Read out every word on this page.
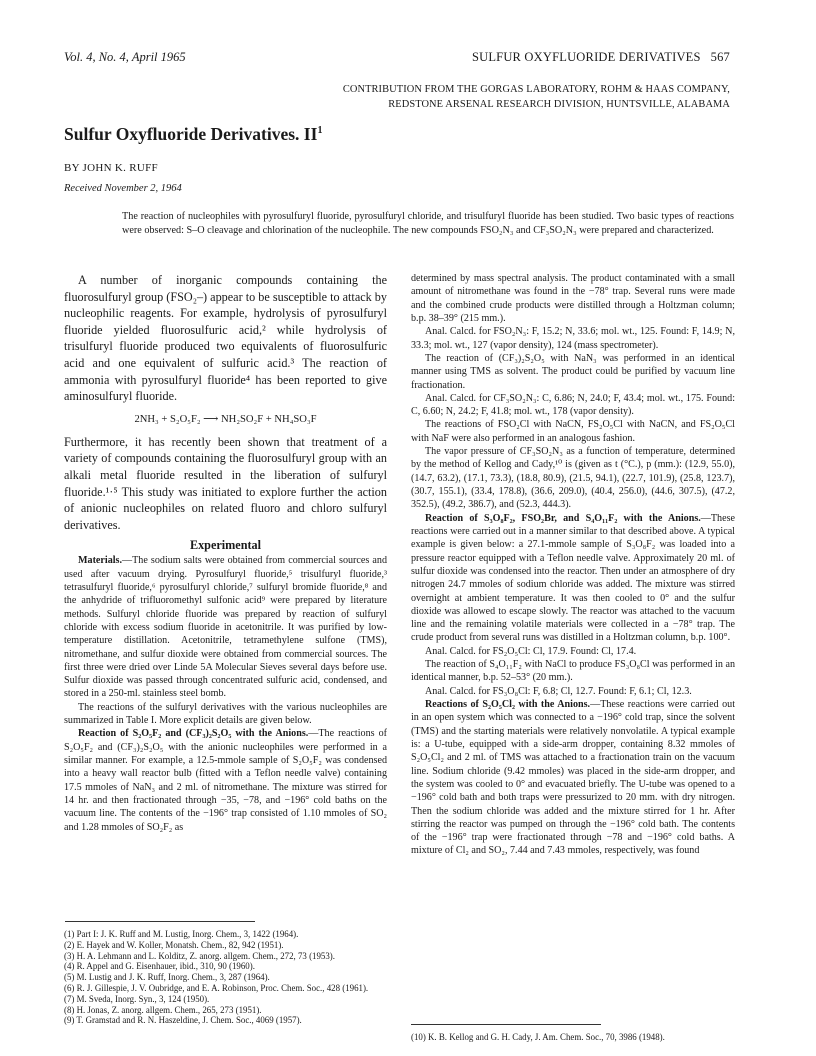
Vol. 4, No. 4, April 1965	SULFUR OXYFLUORIDE DERIVATIVES 567
CONTRIBUTION FROM THE GORGAS LABORATORY, ROHM & HAAS COMPANY,
REDSTONE ARSENAL RESEARCH DIVISION, HUNTSVILLE, ALABAMA
Sulfur Oxyfluoride Derivatives. $II^1$
BY JOHN K. RUFF
Received November 2, 1964
The reaction of nucleophiles with pyrosulfuryl fluoride, pyrosulfuryl chloride, and trisulfuryl fluoride has been studied. Two basic types of reactions were observed: S–O cleavage and chlorination of the nucleophile. The new compounds FSO₂N₃ and CF₃SO₂N₃ were prepared and characterized.

A number of inorganic compounds containing the fluorosulfuryl group (FSO₂–) appear to be susceptible to attack by nucleophilic reagents. For example, hydrolysis of pyrosulfuryl fluoride yielded fluorosulfuric acid,² while hydrolysis of trisulfuryl fluoride produced two equivalents of fluorosulfuric acid and one equivalent of sulfuric acid.³ The reaction of ammonia with pyrosulfuryl fluoride⁴ has been reported to give aminosulfuryl fluoride.

2NH₃ + S₂O₅F₂ ⟶ NH₂SO₂F + NH₄SO₃F

Furthermore, it has recently been shown that treatment of a variety of compounds containing the fluorosulfuryl group with an alkali metal fluoride resulted in the liberation of sulfuryl fluoride.¹·⁵ This study was initiated to explore further the action of anionic nucleophiles on related fluoro and chloro sulfuryl derivatives.

Experimental

Materials.—The sodium salts were obtained from commercial sources and used after vacuum drying. Pyrosulfuryl fluoride,⁵ trisulfuryl fluoride,³ tetrasulfuryl fluoride,⁶ pyrosulfuryl chloride,⁷ sulfuryl bromide fluoride,⁸ and the anhydride of trifluoromethyl sulfonic acid⁹ were prepared by literature methods. Sulfuryl chloride fluoride was prepared by reaction of sulfuryl chloride with excess sodium fluoride in acetonitrile. It was purified by low-temperature distillation. Acetonitrile, tetramethylene sulfone (TMS), nitromethane, and sulfur dioxide were obtained from commercial sources. The first three were dried over Linde 5A Molecular Sieves several days before use. Sulfur dioxide was passed through concentrated sulfuric acid, condensed, and stored in a 250-ml. stainless steel bomb.

The reactions of the sulfuryl derivatives with the various nucleophiles are summarized in Table I. More explicit details are given below.

Reaction of S₂O₅F₂ and (CF₃)₂S₂O₅ with the Anions.—The reactions of S₂O₅F₂ and (CF₃)₂S₂O₅ with the anionic nucleophiles were performed in a similar manner. For example, a 12.5-mmole sample of S₂O₅F₂ was condensed into a heavy wall reactor bulb (fitted with a Teflon needle valve) containing 17.5 mmoles of NaN₃ and 2 ml. of nitromethane. The mixture was stirred for 14 hr. and then fractionated through −35, −78, and −196° cold baths on the vacuum line. The contents of the −196° trap consisted of 1.10 mmoles of SO₂ and 1.28 mmoles of SO₂F₂ as

determined by mass spectral analysis. The product contaminated with a small amount of nitromethane was found in the −78° trap. Several runs were made and the combined crude products were distilled through a Holtzman column; b.p. 38–39° (215 mm.).

Anal. Calcd. for FSO₂N₃: F, 15.2; N, 33.6; mol. wt., 125. Found: F, 14.9; N, 33.3; mol. wt., 127 (vapor density), 124 (mass spectrometer).

The reaction of (CF₃)₂S₂O₅ with NaN₃ was performed in an identical manner using TMS as solvent. The product could be purified by vacuum line fractionation.

Anal. Calcd. for CF₃SO₂N₃: C, 6.86; N, 24.0; F, 43.4; mol. wt., 175. Found: C, 6.60; N, 24.2; F, 41.8; mol. wt., 178 (vapor density).

The reactions of FSO₂Cl with NaCN, FS₂O₅Cl with NaCN, and FS₂O₅Cl with NaF were also performed in an analogous fashion.

The vapor pressure of CF₃SO₂N₃ as a function of temperature, determined by the method of Kellog and Cady,¹⁰ is (given as t (°C.), p (mm.): (12.9, 55.0), (14.7, 63.2), (17.1, 73.3), (18.8, 80.9), (21.5, 94.1), (22.7, 101.9), (25.8, 123.7), (30.7, 155.1), (33.4, 178.8), (36.6, 209.0), (40.4, 256.0), (44.6, 307.5), (47.2, 352.5), (49.2, 386.7), and (52.3, 444.3).

Reaction of S₃O₈F₂, FSO₂Br, and S₄O₁₁F₂ with the Anions.—These reactions were carried out in a manner similar to that described above. A typical example is given below: a 27.1-mmole sample of S₃O₈F₂ was loaded into a pressure reactor equipped with a Teflon needle valve. Approximately 20 ml. of sulfur dioxide was condensed into the reactor. Then under an atmosphere of dry nitrogen 24.7 mmoles of sodium chloride was added. The mixture was stirred overnight at ambient temperature. It was then cooled to 0° and the sulfur dioxide was allowed to escape slowly. The reactor was attached to the vacuum line and the remaining volatile materials were collected in a −78° trap. The crude product from several runs was distilled in a Holtzman column, b.p. 100°.

Anal. Calcd. for FS₂O₅Cl: Cl, 17.9. Found: Cl, 17.4.

The reaction of S₄O₁₁F₂ with NaCl to produce FS₃O₈Cl was performed in an identical manner, b.p. 52–53° (20 mm.).

Anal. Calcd. for FS₃O₈Cl: F, 6.8; Cl, 12.7. Found: F, 6.1; Cl, 12.3.

Reactions of S₂O₅Cl₂ with the Anions.—These reactions were carried out in an open system which was connected to a −196° cold trap, since the solvent (TMS) and the starting materials were relatively nonvolatile. A typical example is: a U-tube, equipped with a side-arm dropper, containing 8.32 mmoles of S₂O₅Cl₂ and 2 ml. of TMS was attached to a fractionation train on the vacuum line. Sodium chloride (9.42 mmoles) was placed in the side-arm dropper, and the system was cooled to 0° and evacuated briefly. The U-tube was opened to a −196° cold bath and both traps were pressurized to 20 mm. with dry nitrogen. Then the sodium chloride was added and the mixture stirred for 1 hr. After stirring the reactor was pumped on through the −196° cold bath. The contents of the −196° trap were fractionated through −78 and −196° cold baths. A mixture of Cl₂ and SO₂, 7.44 and 7.43 mmoles, respectively, was found

(1) Part I: J. K. Ruff and M. Lustig, Inorg. Chem., 3, 1422 (1964).

(2) E. Hayek and W. Koller, Monatsh. Chem., 82, 942 (1951).

(3) H. A. Lehmann and L. Kolditz, Z. anorg. allgem. Chem., 272, 73 (1953).

(4) R. Appel and G. Eisenhauer, ibid., 310, 90 (1960).

(5) M. Lustig and J. K. Ruff, Inorg. Chem., 3, 287 (1964).

(6) R. J. Gillespie, J. V. Oubridge, and E. A. Robinson, Proc. Chem. Soc., 428 (1961).

(7) M. Sveda, Inorg. Syn., 3, 124 (1950).

(8) H. Jonas, Z. anorg. allgem. Chem., 265, 273 (1951).

(9) T. Gramstad and R. N. Haszeldine, J. Chem. Soc., 4069 (1957).

(10) K. B. Kellog and G. H. Cady, J. Am. Chem. Soc., 70, 3986 (1948).
